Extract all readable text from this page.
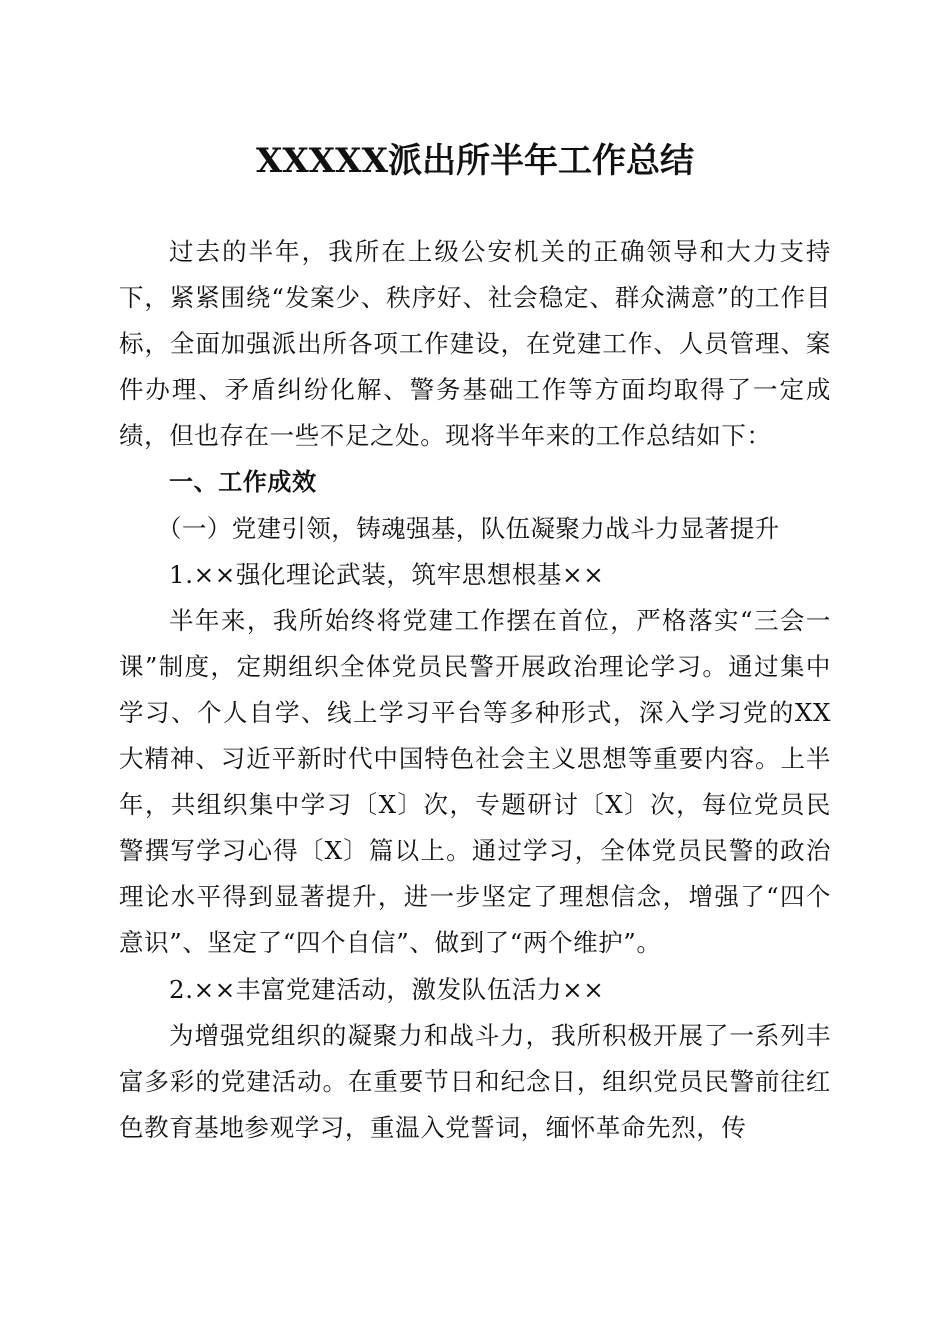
XXXXX派出所半年工作总结

过去的半年，我所在上级公安机关的正确领导和大力支持下，紧紧围绕“发案少、秩序好、社会稳定、群众满意”的工作目标，全面加强派出所各项工作建设，在党建工作、人员管理、案件办理、矛盾纠纷化解、警务基础工作等方面均取得了一定成绩，但也存在一些不足之处。现将半年来的工作总结如下：

一、工作成效

（一）党建引领，铸魂强基，队伍凝聚力战斗力显著提升

1.××强化理论武装，筑牢思想根基××

半年来，我所始终将党建工作摆在首位，严格落实“三会一课”制度，定期组织全体党员民警开展政治理论学习。通过集中学习、个人自学、线上学习平台等多种形式，深入学习党的XX大精神、习近平新时代中国特色社会主义思想等重要内容。上半年，共组织集中学习〔X〕次，专题研讨〔X〕次，每位党员民警撰写学习心得〔X〕篇以上。通过学习，全体党员民警的政治理论水平得到显著提升，进一步坚定了理想信念，增强了“四个意识”、坚定了“四个自信”、做到了“两个维护”。

2.××丰富党建活动，激发队伍活力××

为增强党组织的凝聚力和战斗力，我所积极开展了一系列丰富多彩的党建活动。在重要节日和纪念日，组织党员民警前往红色教育基地参观学习，重温入党誓词，缅怀革命先烈，传
